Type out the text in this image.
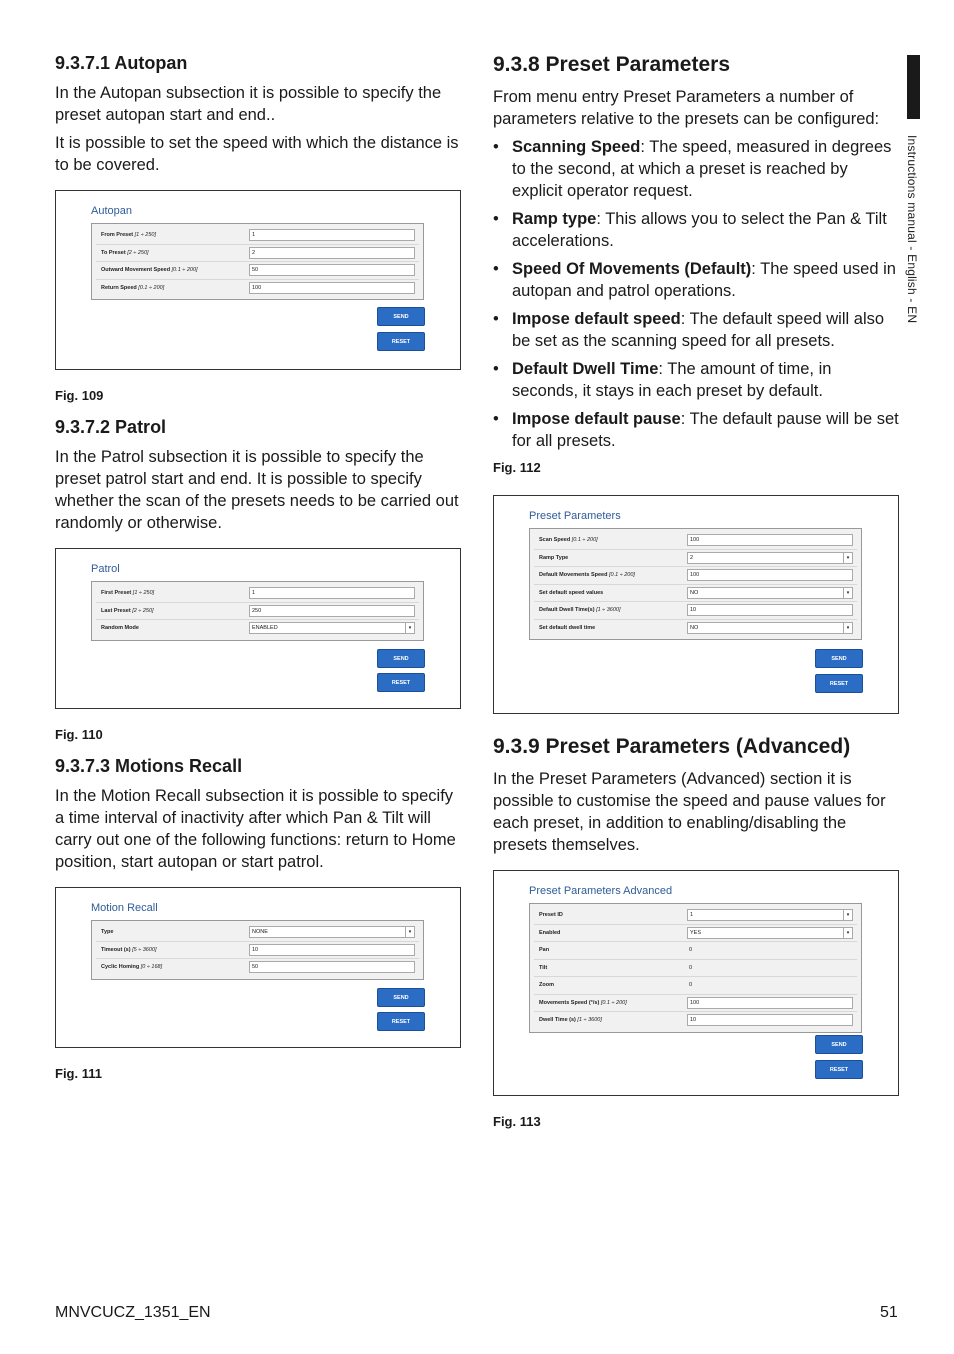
Instructions manual - English - EN
9.3.7.1 Autopan

In the Autopan subsection it is possible to specify the preset autopan start and end..

It is possible to set the speed with which the distance is to be covered.

Autopan
From Preset [1 ÷ 250]	1
To Preset [2 ÷ 250]	2
Outward Movement Speed [0.1 ÷ 200]	50
Return Speed [0.1 ÷ 200]	100
SEND
RESET

Fig. 109

9.3.7.2 Patrol

In the Patrol subsection it is possible to specify the preset patrol start and end. It is possible to specify whether the scan of the presets needs to be carried out randomly or otherwise.

Patrol
First Preset [1 ÷ 250]	1
Last Preset [2 ÷ 250]	250
Random Mode	ENABLED	▾
SEND
RESET

Fig. 110

9.3.7.3 Motions Recall

In the Motion Recall subsection it is possible to specify a time interval of inactivity after which Pan & Tilt will carry out one of the following functions: return to Home position, start autopan or start patrol.

Motion Recall
Type	NONE	▾
Timeout (s) [5 ÷ 3600]	10
Cyclic Homing [0 ÷ 168]	50
SEND
RESET

Fig. 111

9.3.8 Preset Parameters

From menu entry Preset Parameters a number of parameters relative to the presets can be configured:

• Scanning Speed: The speed, measured in degrees to the second, at which a preset is reached by explicit operator request.
• Ramp type: This allows you to select the Pan & Tilt accelerations.
• Speed Of Movements (Default): The speed used in autopan and patrol operations.
• Impose default speed: The default speed will also be set as the scanning speed for all presets.
• Default Dwell Time: The amount of time, in seconds, it stays in each preset by default.
• Impose default pause: The default pause will be set for all presets.

Fig. 112

Preset Parameters
Scan Speed [0.1 ÷ 200]	100
Ramp Type	2	▾
Default Movements Speed [0.1 ÷ 200]	100
Set default speed values	NO	▾
Default Dwell Time(s) [1 ÷ 3600]	10
Set default dwell time	NO	▾
SEND
RESET
9.3.9 Preset Parameters (Advanced)

In the Preset Parameters (Advanced) section it is possible to customise the speed and pause values for each preset, in addition to enabling/disabling the presets themselves.

Preset Parameters Advanced
Preset ID	1	▾
Enabled	YES	▾
Pan	0
Tilt	0
Zoom	0
Movements Speed (°/s) [0.1 ÷ 200]	100
Dwell Time (s) [1 ÷ 3600]	10
SEND
RESET

Fig. 113

MNVCUCZ_1351_EN	51
